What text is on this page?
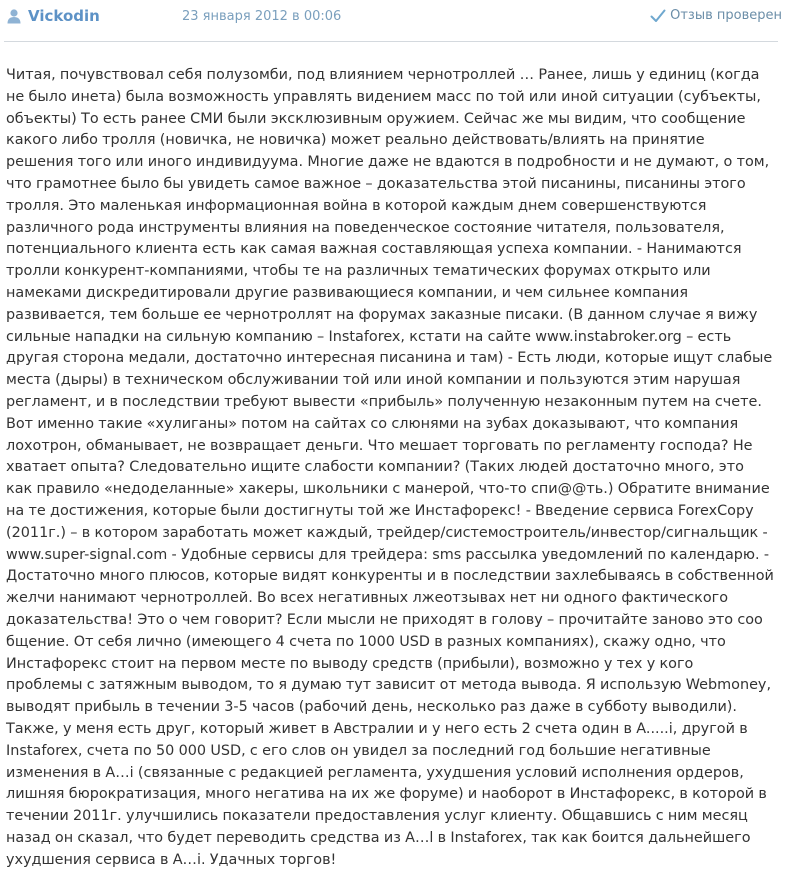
Vickodin	23 января 2012 в 00:06	Отзыв проверен

Читая, почувствовал себя полузомби, под влиянием чернотроллей … Ранее, лишь у единиц (когда не было инета) была возможность управлять видением масс по той или иной ситуации (субъекты, объекты) То есть ранее СМИ были эксклюзивным оружием. Сейчас же мы видим, что сообщение какого либо тролля (новичка, не новичка) может реально действовать/влиять на принятие решения того или иного индивидуума. Многие даже не вдаются в подробности и не думают, о том, что грамотнее было бы увидеть самое важное – доказательства этой писанины, писанины этого тролля. Это маленькая информационная война в которой каждым днем совершенствуются различного рода инструменты влияния на поведенческое состояние читателя, пользователя, потенциального клиента есть как самая важная составляющая успеха компании. - Нанимаются тролли конкурент-компаниями, чтобы те на различных тематических форумах открыто или намеками дискредитировали другие развивающиеся компании, и чем сильнее компания развивается, тем больше ее чернотроллят на форумах заказные писаки. (В данном случае я вижу сильные нападки на сильную компанию – Instaforex, кстати на сайте www.instabroker.org – есть другая сторона медали, достаточно интересная писанина и там) - Есть люди, которые ищут слабые места (дыры) в техническом обслуживании той или иной компании и пользуются этим нарушая регламент, и в последствии требуют вывести «прибыль» полученную незаконным путем на счете. Вот именно такие «хулиганы» потом на сайтах со слюнями на зубах доказывают, что компания лохотрон, обманывает, не возвращает деньги. Что мешает торговать по регламенту господа? Не хватает опыта? Следовательно ищите слабости компании? (Таких людей достаточно много, это как правило «недоделанные» хакеры, школьники с манерой, что-то спи@@ть.) Обратите внимание на те достижения, которые были достигнуты той же Инстафорекс! - Введение сервиса ForexCopy (2011г.) – в котором заработать может каждый, трейдер/системостроитель/инвестор/сигнальщик - www.super-signal.com - Удобные сервисы для трейдера: sms рассылка уведомлений по календарю. - Достаточно много плюсов, которые видят конкуренты и в последствии захлебываясь в собственной желчи нанимают чернотроллей. Во всех негативных лжеотзывах нет ни одного фактического доказательства! Это о чем говорит? Если мысли не приходят в голову – прочитайте заново это соо бщение. От себя лично (имеющего 4 счета по 1000 USD в разных компаниях), скажу одно, что Инстафорекс стоит на первом месте по выводу средств (прибыли), возможно у тех у кого проблемы с затяжным выводом, то я думаю тут зависит от метода вывода. Я использую Webmoney, выводят прибыль в течении 3-5 часов (рабочий день, несколько раз даже в субботу выводили). Также, у меня есть друг, который живет в Австралии и у него есть 2 счета один в A.....i, другой в Instaforex, счета по 50 000 USD, с его слов он увидел за последний год большие негативные изменения в A…i (связанные с редакцией регламента, ухудшения условий исполнения ордеров, лишняя бюрократизация, много негатива на их же форуме) и наоборот в Инстафорекс, в которой в течении 2011г. улучшились показатели предоставления услуг клиенту. Общавшись с ним месяц назад он сказал, что будет переводить средства из A…l в Instaforex, так как боится дальнейшего ухудшения сервиса в A…i. Удачных торгов!
